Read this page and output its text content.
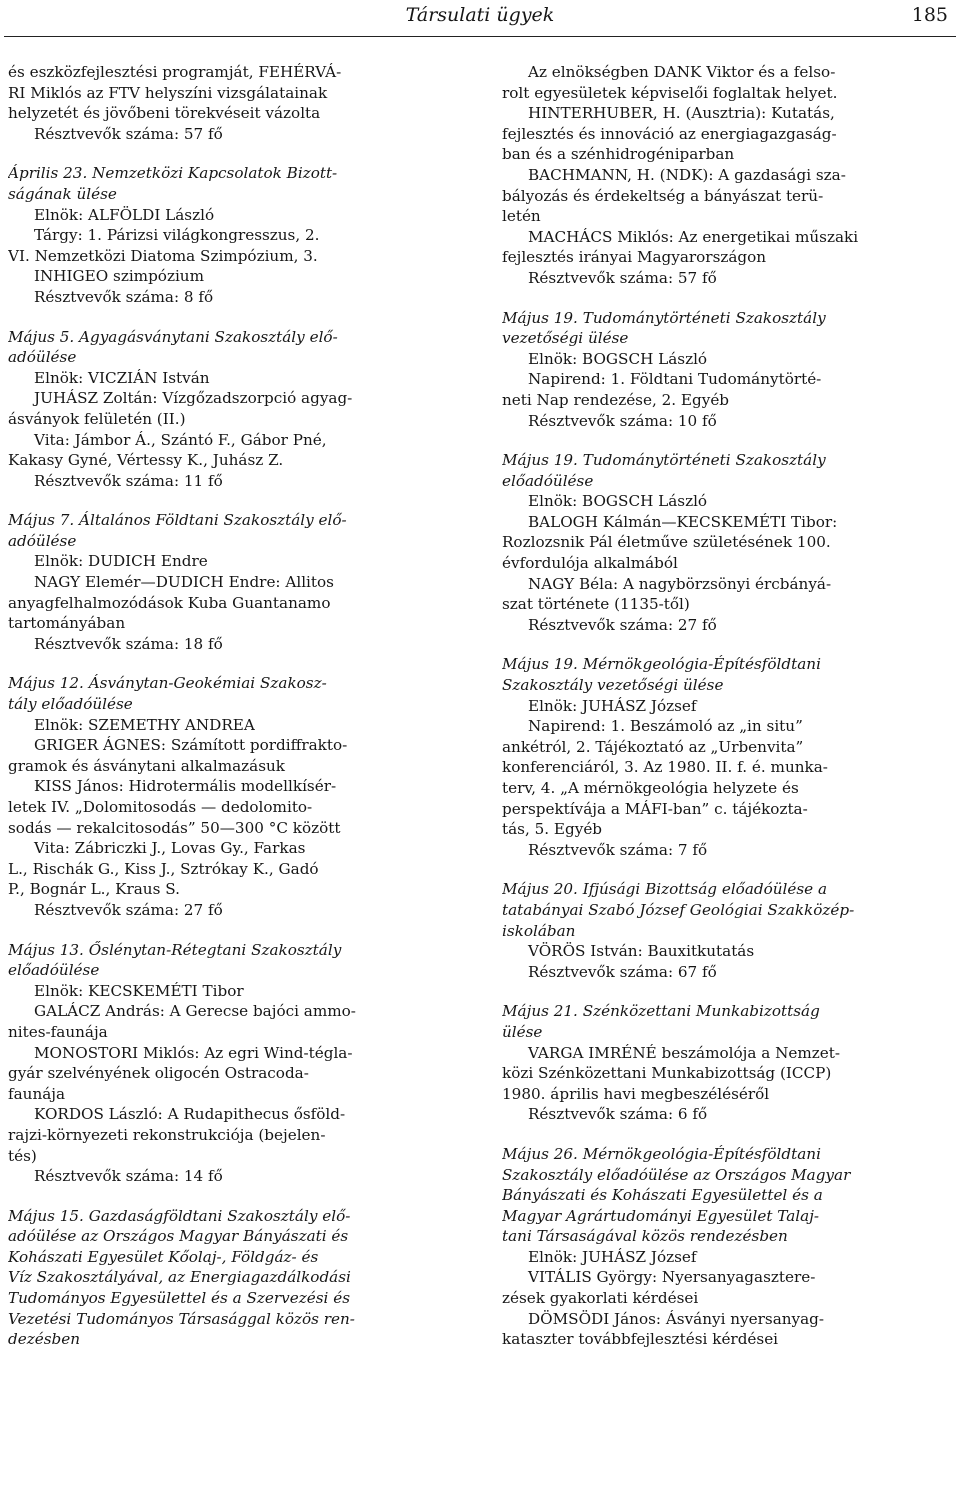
Társulati ügyek	185
és eszközfejlesztési programját, FEHÉRVÁ-
RI Miklós az FTV helyszíni vizsgálatainak
helyzetét és jövőbeni törekvéseit vázolta
Résztvevők száma: 57 fő
Április 23. Nemzetközi Kapcsolatok Bizott-
ságának ülése
Elnök: ALFÖLDI László
Tárgy: 1. Párizsi világkongresszus, 2.
VI. Nemzetközi Diatoma Szimpózium, 3.
INHIGEO szimpózium
Résztvevők száma: 8 fő
Május 5. Agyagásványtani Szakosztály elő-
adóülése
Elnök: VICZIÁN István
JUHÁSZ Zoltán: Vízgőzadszorpció agyag-
ásványok felületén (II.)
Vita: Jámbor Á., Szántó F., Gábor Pné,
Kakasy Gyné, Vértessy K., Juhász Z.
Résztvevők száma: 11 fő
Május 7. Általános Földtani Szakosztály elő-
adóülése
Elnök: DUDICH Endre
NAGY Elemér—DUDICH Endre: Allitos
anyagfelhalmozódások Kuba Guantanamo
tartományában
Résztvevők száma: 18 fő
Május 12. Ásványtan-Geokémiai Szakosz-
tály előadóülése
Elnök: SZEMETHY ANDREA
GRIGER ÁGNES: Számított pordiffrakto-
gramok és ásványtani alkalmazásuk
KISS János: Hidrotermális modellkísér-
letek IV. „Dolomitosodás — dedolomito-
sodás — rekalcitosodás” 50—300 °C között
Vita: Zábriczki J., Lovas Gy., Farkas
L., Rischák G., Kiss J., Sztrókay K., Gadó
P., Bognár L., Kraus S.
Résztvevők száma: 27 fő
Május 13. Őslénytan-Rétegtani Szakosztály
előadóülése
Elnök: KECSKEMÉTI Tibor
GALÁCZ András: A Gerecse bajóci ammo-
nites-faunája
MONOSTORI Miklós: Az egri Wind-tégla-
gyár szelvényének oligocén Ostracoda-
faunája
KORDOS László: A Rudapithecus ősföld-
rajzi-környezeti rekonstrukciója (bejelen-
tés)
Résztvevők száma: 14 fő
Május 15. Gazdaságföldtani Szakosztály elő-
adóülése az Országos Magyar Bányászati és
Kohászati Egyesület Kőolaj-, Földgáz- és
Víz Szakosztályával, az Energiagazdálkodási
Tudományos Egyesülettel és a Szervezési és
Vezetési Tudományos Társasággal közös ren-
dezésben
Az elnökségben DANK Viktor és a felso-
rolt egyesületek képviselői foglaltak helyet.
HINTERHUBER, H. (Ausztria): Kutatás,
fejlesztés és innováció az energiagazgaság-
ban és a szénhidrogéniparban
BACHMANN, H. (NDK): A gazdasági sza-
bályozás és érdekeltség a bányászat terü-
letén
MACHÁCS Miklós: Az energetikai műszaki
fejlesztés irányai Magyarországon
Résztvevők száma: 57 fő
Május 19. Tudománytörténeti Szakosztály
vezetőségi ülése
Elnök: BOGSCH László
Napirend: 1. Földtani Tudománytörté-
neti Nap rendezése, 2. Egyéb
Résztvevők száma: 10 fő
Május 19. Tudománytörténeti Szakosztály
előadóülése
Elnök: BOGSCH László
BALOGH Kálmán—KECSKEMÉTI Tibor:
Rozlozsnik Pál életműve születésének 100.
évfordulója alkalmából
NAGY Béla: A nagybörzsönyi ércbányá-
szat története (1135-től)
Résztvevők száma: 27 fő
Május 19. Mérnökgeológia-Építésföldtani
Szakosztály vezetőségi ülése
Elnök: JUHÁSZ József
Napirend: 1. Beszámoló az „in situ”
ankétról, 2. Tájékoztató az „Urbenvita”
konferenciáról, 3. Az 1980. II. f. é. munka-
terv, 4. „A mérnökgeológia helyzete és
perspektívája a MÁFI-ban” c. tájékozta-
tás, 5. Egyéb
Résztvevők száma: 7 fő
Május 20. Ifjúsági Bizottság előadóülése a
tatabányai Szabó József Geológiai Szakközép-
iskolában
VÖRÖS István: Bauxitkutatás
Résztvevők száma: 67 fő
Május 21. Szénközettani Munkabizottság
ülése
VARGA IMRÉNÉ beszámolója a Nemzet-
közi Szénközettani Munkabizottság (ICCP)
1980. április havi megbeszéléséről
Résztvevők száma: 6 fő
Május 26. Mérnökgeológia-Építésföldtani
Szakosztály előadóülése az Országos Magyar
Bányászati és Kohászati Egyesülettel és a
Magyar Agrártudományi Egyesület Talaj-
tani Társaságával közös rendezésben
Elnök: JUHÁSZ József
VITÁLIS György: Nyersanyagasztere-
zések gyakorlati kérdései
DÖMSÖDI János: Ásványi nyersanyag-
kataszter továbbfejlesztési kérdései
